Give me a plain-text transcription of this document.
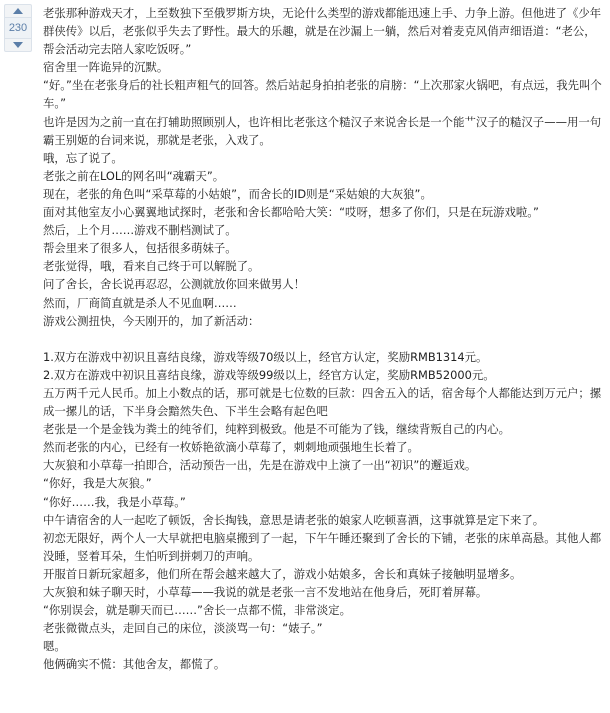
230

老张那种游戏天才，上至数独下至俄罗斯方块，无论什么类型的游戏都能迅速上手、力争上游。但他进了《少年群侠传》以后，老张似乎失去了野性。最大的乐趣，就是在沙漏上一躺，然后对着麦克风俏声细语道：“老公，帮会活动完去陪人家吃饭呀。”

宿舍里一阵诡异的沉默。

“好。”坐在老张身后的社长粗声粗气的回答。然后站起身拍拍老张的肩膀：“上次那家火锅吧，有点远，我先叫个车。”

也许是因为之前一直在打辅助照顾别人，也许相比老张这个糙汉子来说舍长是一个能艹汉子的糙汉子——用一句霸王别姬的台词来说，那就是老张，入戏了。

哦，忘了说了。

老张之前在LOL的网名叫“魂霸天”。

现在，老张的角色叫“采草莓的小姑娘”，而舍长的ID则是“采姑娘的大灰狼”。

面对其他室友小心翼翼地试探时，老张和舍长都哈哈大笑：“哎呀，想多了你们，只是在玩游戏啦。”

然后，上个月……游戏不删档测试了。

帮会里来了很多人，包括很多萌妹子。

老张觉得，哦，看来自己终于可以解脱了。

问了舍长，舍长说再忍忍，公测就放你回来做男人！

然而，厂商简直就是杀人不见血啊……

游戏公测扭快，今天刚开的，加了新活动：

1.双方在游戏中初识且喜结良缘，游戏等级70级以上，经官方认定，奖励RMB1314元。

2.双方在游戏中初识且喜结良缘，游戏等级99级以上，经官方认定，奖励RMB52000元。

五万两千元人民币。加上小数点的话，那可就是七位数的巨款：四舍五入的话，宿舍每个人都能达到万元户；摞成一摞儿的话，下半身会黯然失色、下半生会略有起色吧

老张是一个是金钱为粪土的纯爷们，纯粹到极致。他是不可能为了钱，继续背叛自己的内心。

然而老张的内心，已经有一枚娇艳欲滴小草莓了，刺刺地顽强地生长着了。

大灰狼和小草莓一拍即合，活动预告一出，先是在游戏中上演了一出“初识”的邂逅戏。

“你好，我是大灰狼。”

“你好……我，我是小草莓。”

中午请宿舍的人一起吃了顿饭，舍长掏钱，意思是请老张的娘家人吃顿喜酒，这事就算是定下来了。

初恋无限好，两个人一大早就把电脑桌搬到了一起，下午午睡还聚到了舍长的下铺，老张的床单高悬。其他人都没睡，竖着耳朵，生怕听到拼刺刀的声响。

开服首日新玩家超多，他们所在帮会越来越大了，游戏小姑娘多，舍长和真妹子接触明显增多。

大灰狼和妹子聊天时，小草莓——我说的就是老张一言不发地站在他身后，死盯着屏幕。

“你别误会，就是聊天而已……”舍长一点都不慌，非常淡定。

老张微微点头，走回自己的床位，淡淡骂一句：“婊子。”

嗯。

他俩确实不慌：其他舍友，都慌了。
